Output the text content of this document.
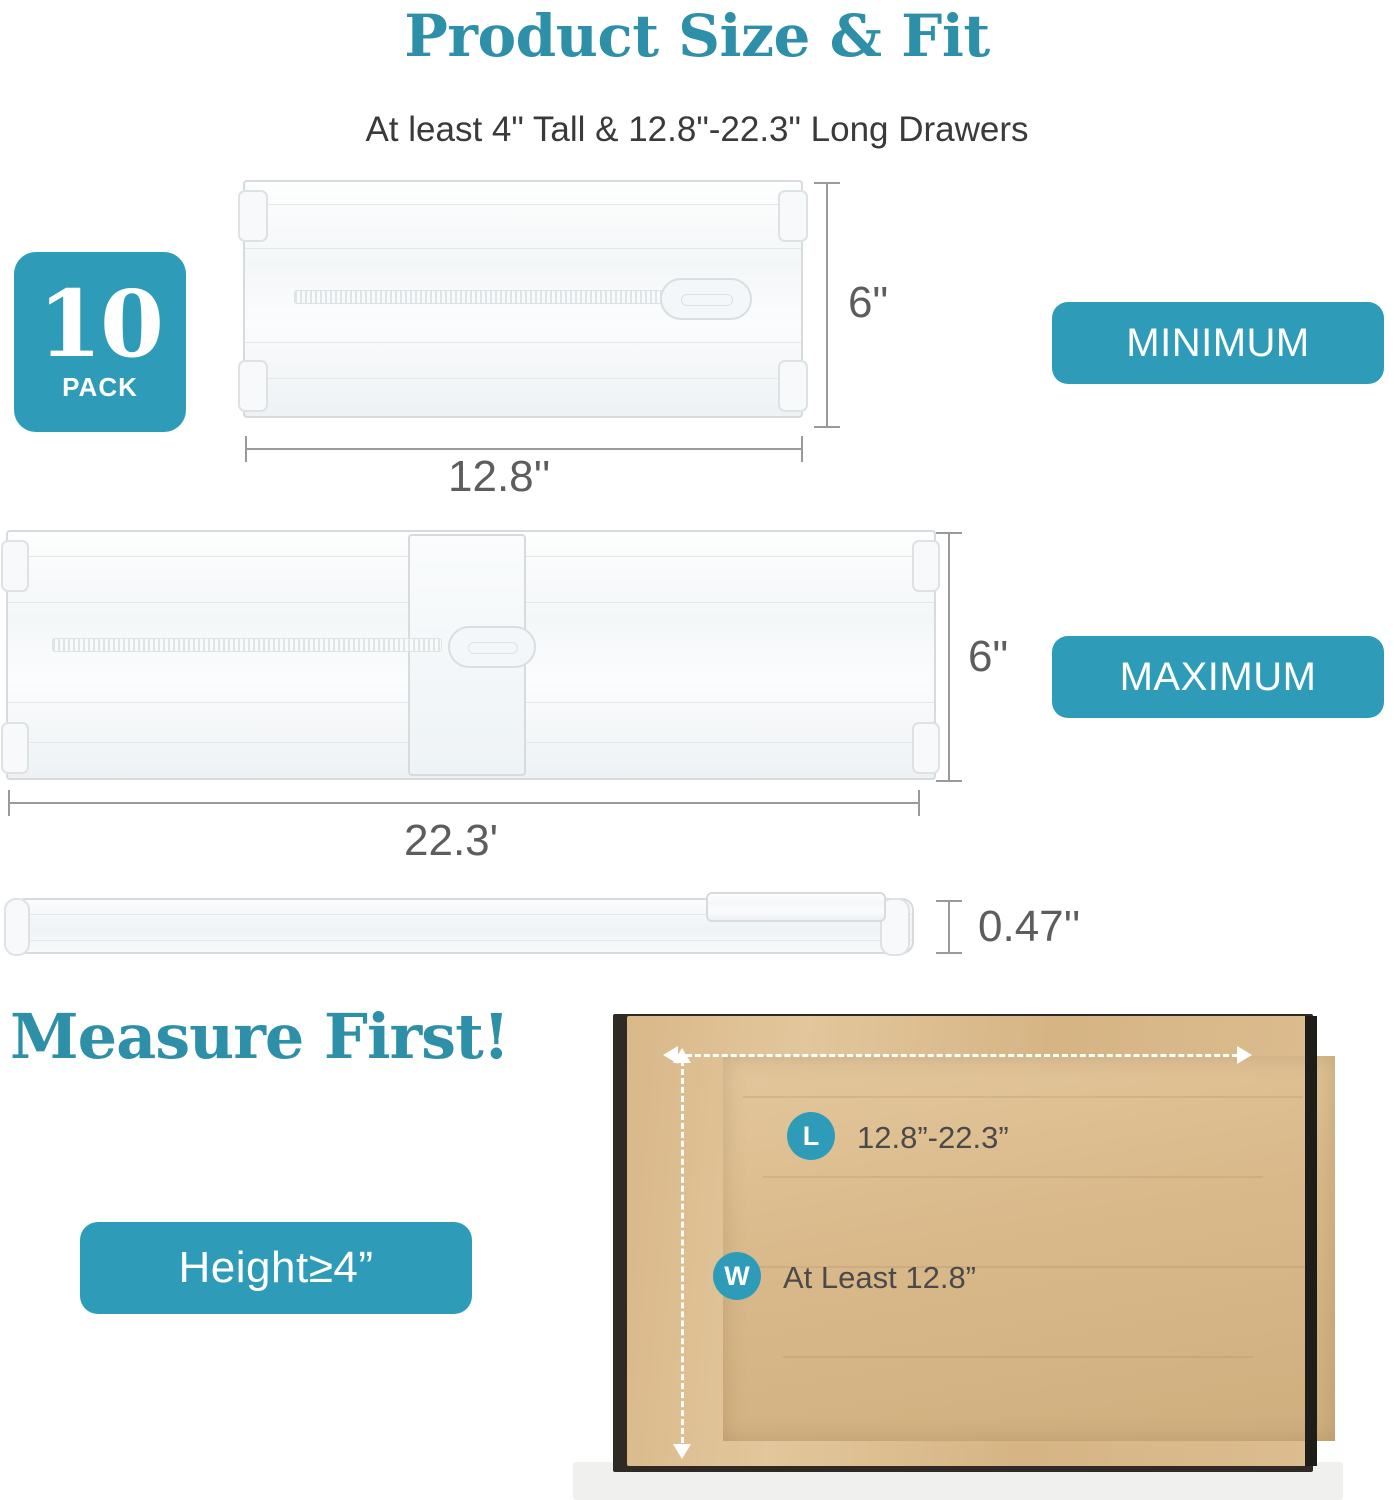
Product Size & Fit
At least 4" Tall & 12.8"-22.3" Long Drawers
10
PACK
6"
12.8''
MINIMUM
6"
22.3'
MAXIMUM
0.47''
Measure First!
Height≥4”
L	12.8”-22.3”
W	At Least 12.8”
